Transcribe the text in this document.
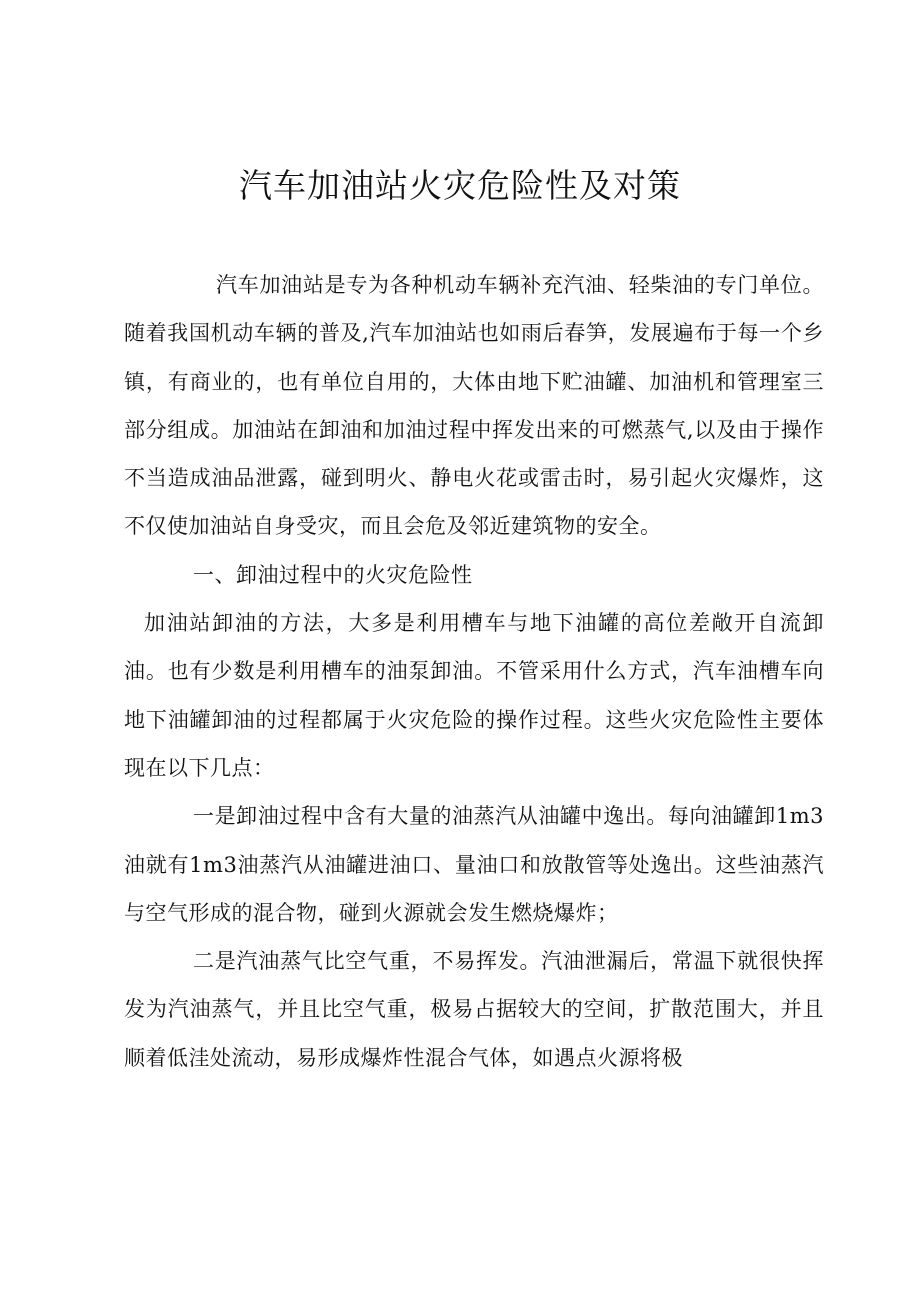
汽车加油站火灾危险性及对策

汽车加油站是专为各种机动车辆补充汽油、轻柴油的专门单位。随着我国机动车辆的普及,汽车加油站也如雨后春笋，发展遍布于每一个乡镇，有商业的，也有单位自用的，大体由地下贮油罐、加油机和管理室三部分组成。加油站在卸油和加油过程中挥发出来的可燃蒸气,以及由于操作不当造成油品泄露，碰到明火、静电火花或雷击时，易引起火灾爆炸，这不仅使加油站自身受灾，而且会危及邻近建筑物的安全。

一、卸油过程中的火灾危险性

加油站卸油的方法，大多是利用槽车与地下油罐的高位差敞开自流卸油。也有少数是利用槽车的油泵卸油。不管采用什么方式，汽车油槽车向地下油罐卸油的过程都属于火灾危险的操作过程。这些火灾危险性主要体现在以下几点：

一是卸油过程中含有大量的油蒸汽从油罐中逸出。每向油罐卸1m3油就有1m3油蒸汽从油罐进油口、量油口和放散管等处逸出。这些油蒸汽与空气形成的混合物，碰到火源就会发生燃烧爆炸；

二是汽油蒸气比空气重，不易挥发。汽油泄漏后，常温下就很快挥发为汽油蒸气，并且比空气重，极易占据较大的空间，扩散范围大，并且顺着低洼处流动，易形成爆炸性混合气体，如遇点火源将极
